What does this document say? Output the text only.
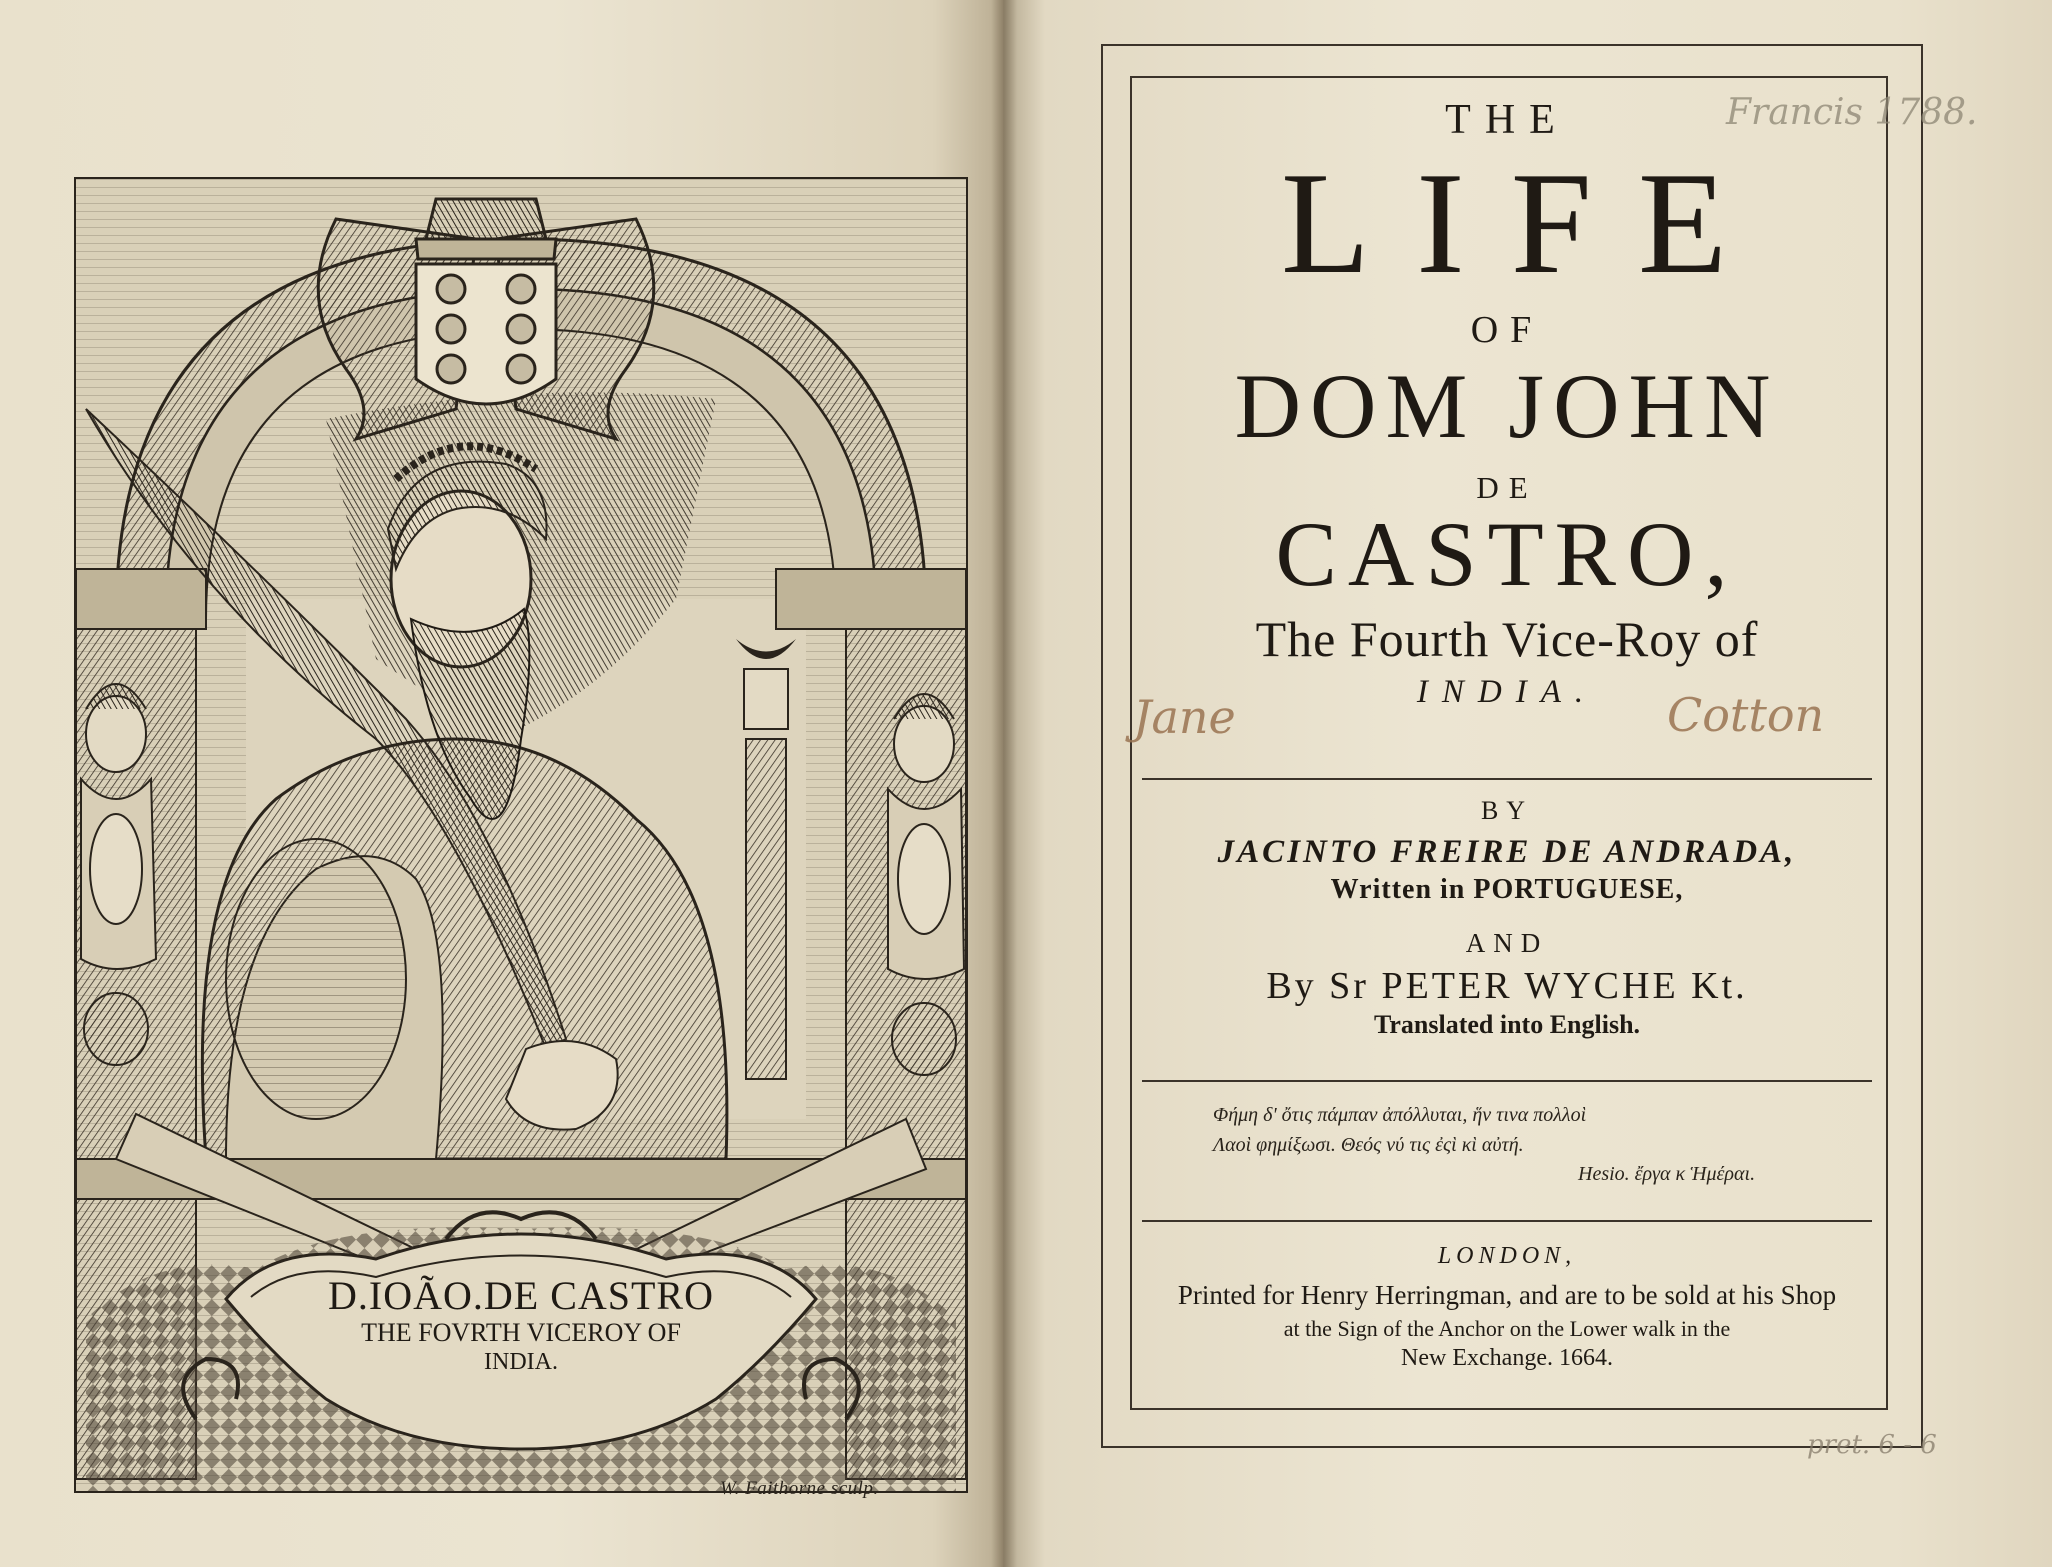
D.IOÃO.DE CASTRO
THE FOVRTH VICEROY OF
INDIA.
W. Faithorne sculp.
THE
LIFE
OF
DOM JOHN
DE
CASTRO,
The Fourth Vice-Roy of
INDIA.
BY
JACINTO FREIRE DE ANDRADA,
Written in PORTUGUESE,
AND
By Sr PETER WYCHE Kt.
Translated into English.
Φήμη δ' ὄτις πάμπαν ἀπόλλυται, ἥν τινα πολλοὶ
Λαοὶ φημίξωσι. Θεός νύ τις ἐςὶ κὶ αὐτή.
Hesio. ἔργα κ Ἡμέραι.
LONDON,
Printed for Henry Herringman, and are to be sold at his Shop
at the Sign of the Anchor on the Lower walk in the
New Exchange. 1664.
Francis 1788.
Jane	Cotton
pret. 6 - 6
